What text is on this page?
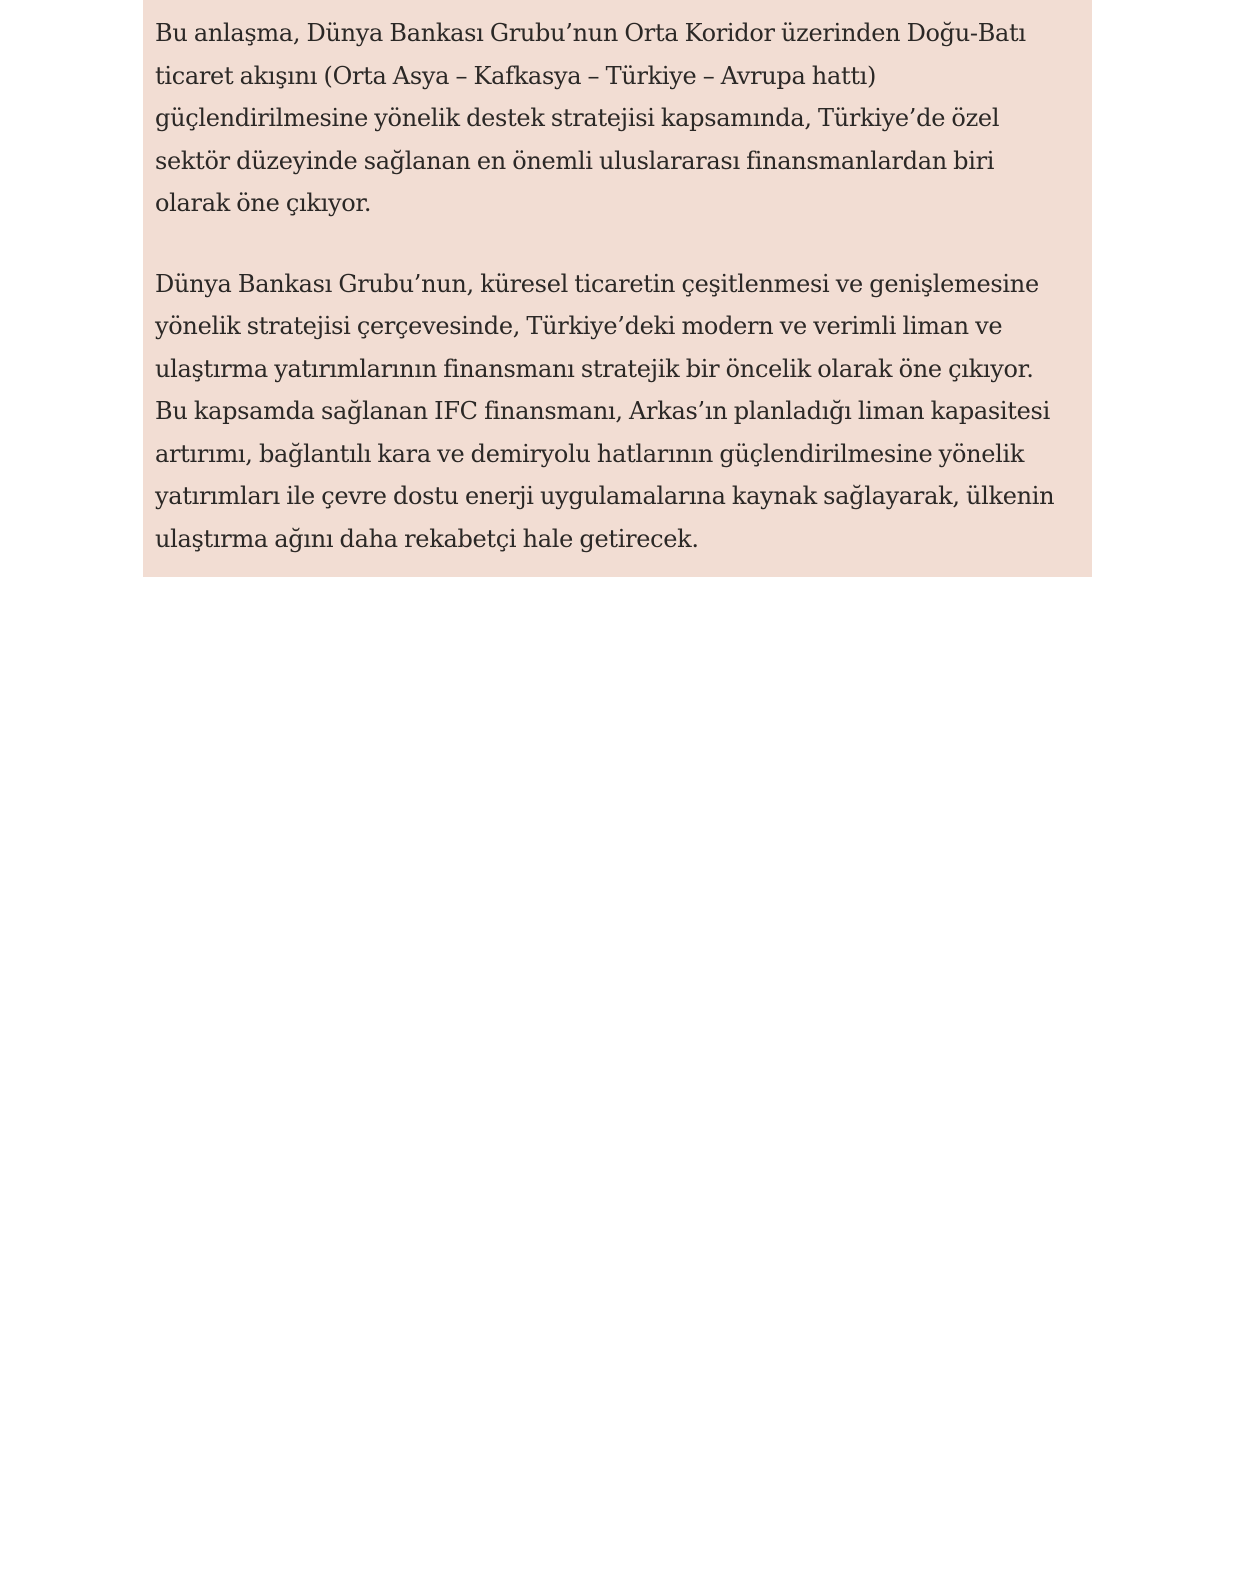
Bu anlaşma, Dünya Bankası Grubu’nun Orta Koridor üzerinden Doğu-Batı ticaret akışını (Orta Asya – Kafkasya – Türkiye – Avrupa hattı) güçlendirilmesine yönelik destek stratejisi kapsamında, Türkiye’de özel sektör düzeyinde sağlanan en önemli uluslararası finansmanlardan biri olarak öne çıkıyor.

Dünya Bankası Grubu’nun, küresel ticaretin çeşitlenmesi ve genişlemesine yönelik stratejisi çerçevesinde, Türkiye’deki modern ve verimli liman ve ulaştırma yatırımlarının finansmanı stratejik bir öncelik olarak öne çıkıyor. Bu kapsamda sağlanan IFC finansmanı, Arkas’ın planladığı liman kapasitesi artırımı, bağlantılı kara ve demiryolu hatlarının güçlendirilmesine yönelik yatırımları ile çevre dostu enerji uygulamalarına kaynak sağlayarak, ülkenin ulaştırma ağını daha rekabetçi hale getirecek.
